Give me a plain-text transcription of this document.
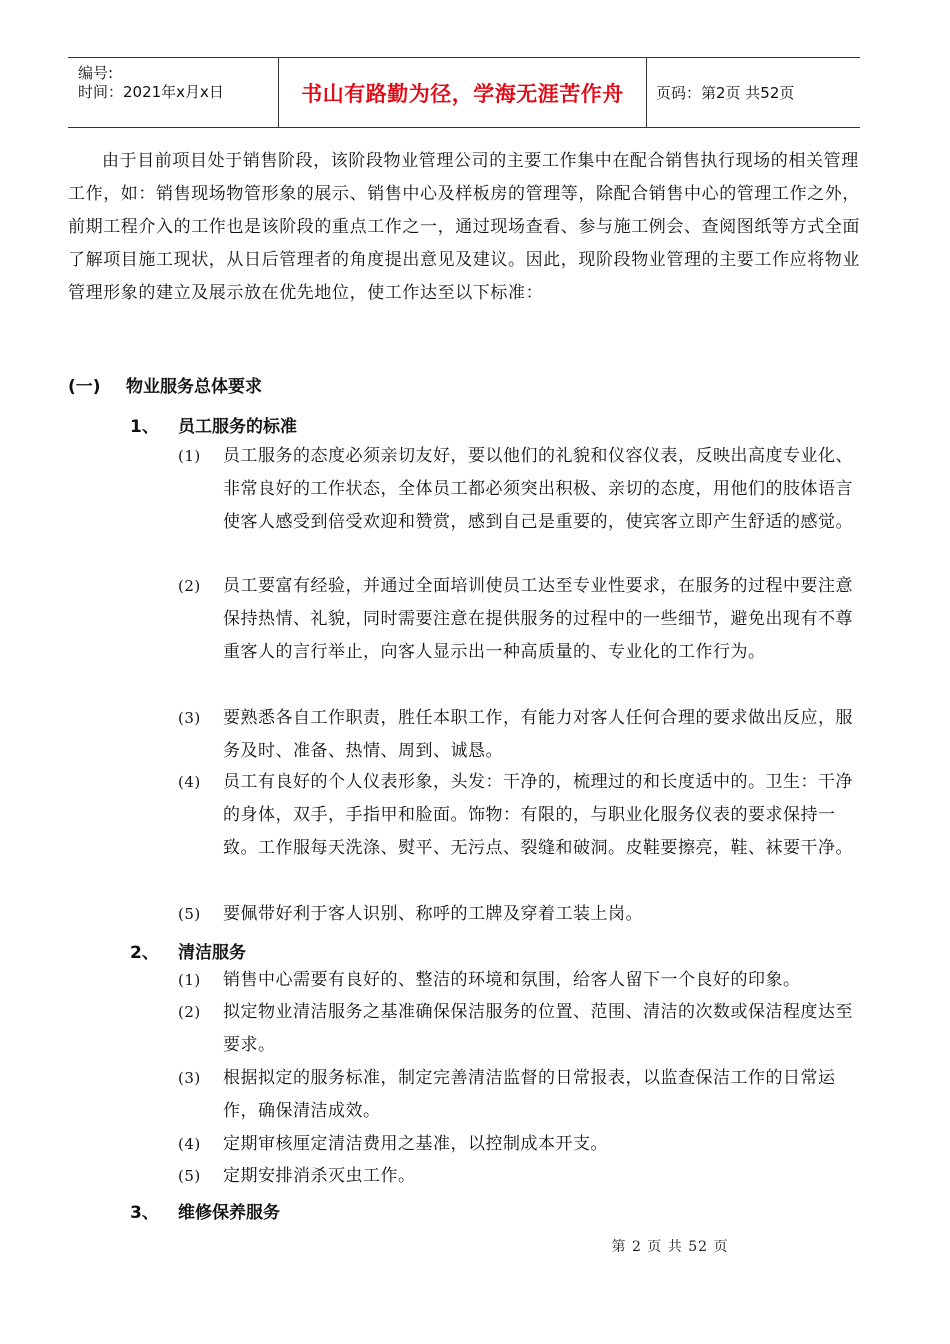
编号:
时间：2021年x月x日	书山有路勤为径，学海无涯苦作舟	页码：第2页 共52页

由于目前项目处于销售阶段，该阶段物业管理公司的主要工作集中在配合销售执行现场的相关管理工作，如：销售现场物管形象的展示、销售中心及样板房的管理等，除配合销售中心的管理工作之外，前期工程介入的工作也是该阶段的重点工作之一，通过现场查看、参与施工例会、查阅图纸等方式全面了解项目施工现状，从日后管理者的角度提出意见及建议。因此，现阶段物业管理的主要工作应将物业管理形象的建立及展示放在优先地位，使工作达至以下标准：

(一) 物业服务总体要求
1、 员工服务的标准
(1) 员工服务的态度必须亲切友好，要以他们的礼貌和仪容仪表，反映出高度专业化、非常良好的工作状态，全体员工都必须突出积极、亲切的态度，用他们的肢体语言使客人感受到倍受欢迎和赞赏，感到自己是重要的，使宾客立即产生舒适的感觉。
(2) 员工要富有经验，并通过全面培训使员工达至专业性要求，在服务的过程中要注意保持热情、礼貌，同时需要注意在提供服务的过程中的一些细节，避免出现有不尊重客人的言行举止，向客人显示出一种高质量的、专业化的工作行为。
(3) 要熟悉各自工作职责，胜任本职工作，有能力对客人任何合理的要求做出反应，服务及时、准备、热情、周到、诚恳。
(4) 员工有良好的个人仪表形象，头发：干净的，梳理过的和长度适中的。卫生：干净的身体，双手，手指甲和脸面。饰物：有限的，与职业化服务仪表的要求保持一致。工作服每天洗涤、熨平、无污点、裂缝和破洞。皮鞋要擦亮，鞋、袜要干净。
(5) 要佩带好利于客人识别、称呼的工牌及穿着工装上岗。
2、 清洁服务
(1) 销售中心需要有良好的、整洁的环境和氛围，给客人留下一个良好的印象。
(2) 拟定物业清洁服务之基准确保保洁服务的位置、范围、清洁的次数或保洁程度达至要求。
(3) 根据拟定的服务标准，制定完善清洁监督的日常报表，以监查保洁工作的日常运作，确保清洁成效。
(4) 定期审核厘定清洁费用之基准，以控制成本开支。
(5) 定期安排消杀灭虫工作。
3、 维修保养服务
第 2 页 共 52 页
